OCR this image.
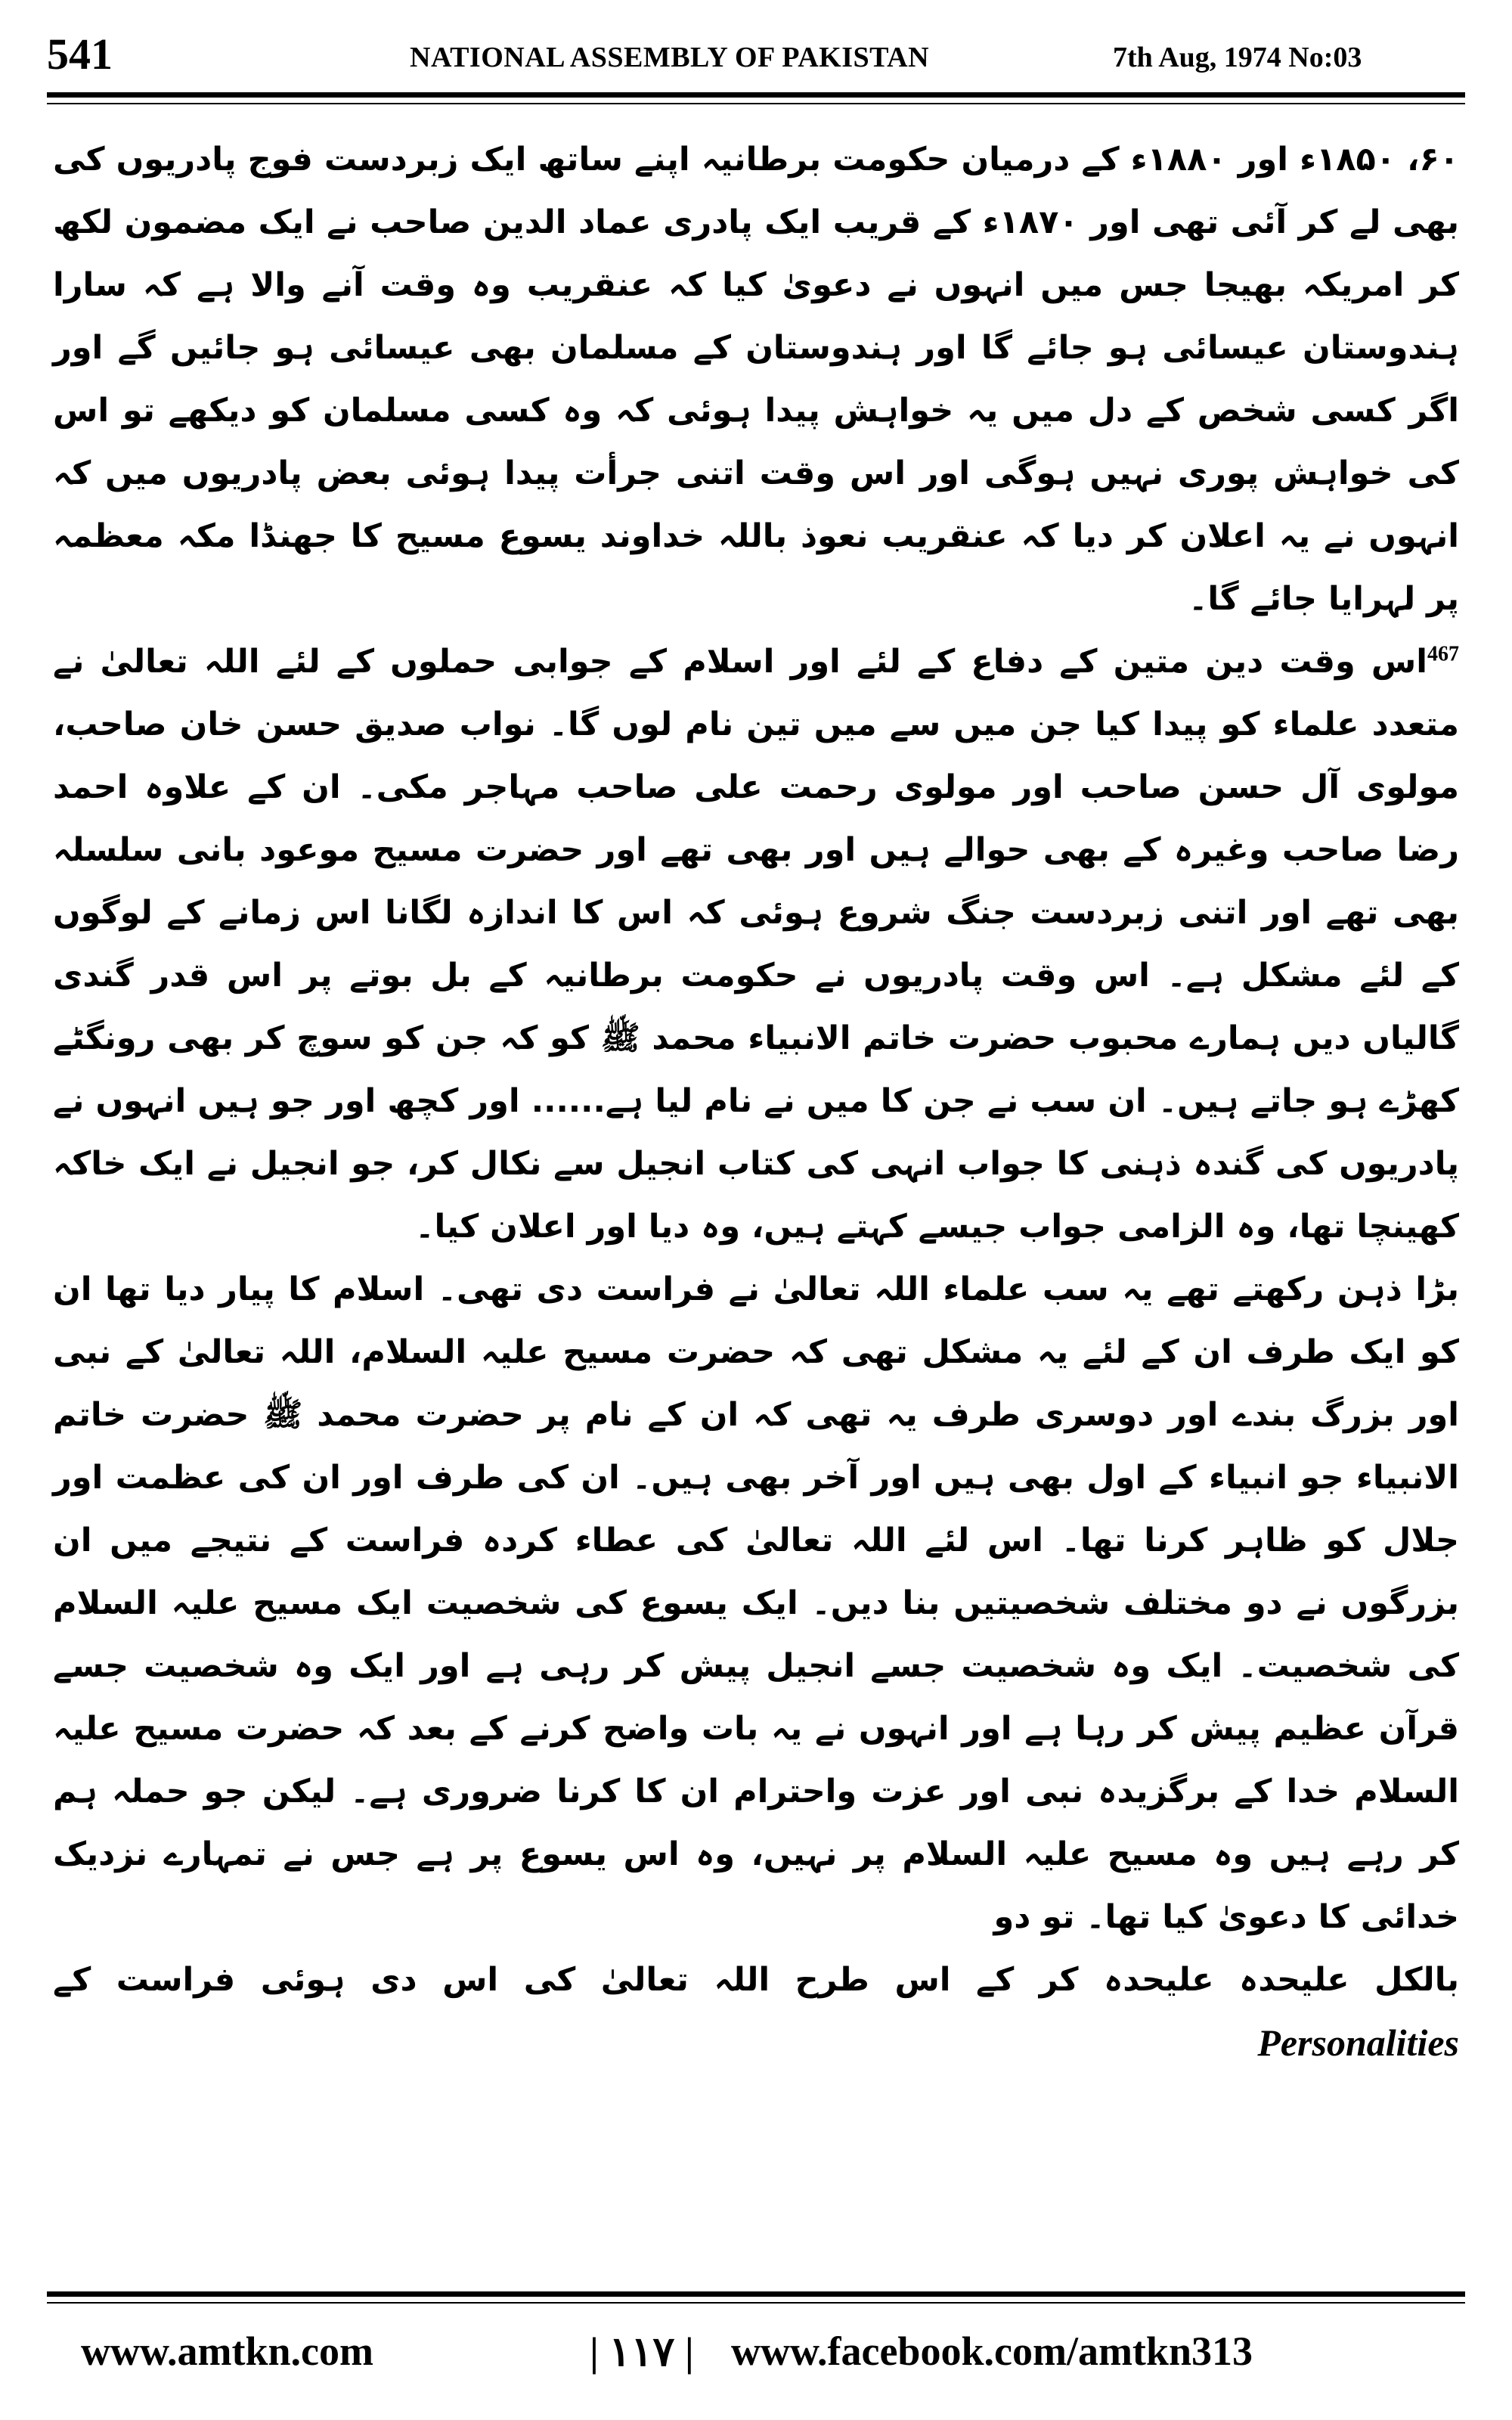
541	NATIONAL ASSEMBLY OF PAKISTAN	7th Aug, 1974 No:03

۶۰، ۱۸۵۰ء اور ۱۸۸۰ء کے درمیان حکومت برطانیہ اپنے ساتھ ایک زبردست فوج پادریوں کی بھی لے کر آئی تھی اور ۱۸۷۰ء کے قریب ایک پادری عماد الدین صاحب نے ایک مضمون لکھ کر امریکہ بھیجا جس میں انہوں نے دعویٰ کیا کہ عنقریب وہ وقت آنے والا ہے کہ سارا ہندوستان عیسائی ہو جائے گا اور ہندوستان کے مسلمان بھی عیسائی ہو جائیں گے اور اگر کسی شخص کے دل میں یہ خواہش پیدا ہوئی کہ وہ کسی مسلمان کو دیکھے تو اس کی خواہش پوری نہیں ہوگی اور اس وقت اتنی جرأت پیدا ہوئی بعض پادریوں میں کہ انہوں نے یہ اعلان کر دیا کہ عنقریب نعوذ باللہ خداوند یسوع مسیح کا جھنڈا مکہ معظمہ پر لہرایا جائے گا۔

$^{467}$اس وقت دین متین کے دفاع کے لئے اور اسلام کے جوابی حملوں کے لئے اللہ تعالیٰ نے متعدد علماء کو پیدا کیا جن میں سے میں تین نام لوں گا۔ نواب صدیق حسن خان صاحب، مولوی آل حسن صاحب اور مولوی رحمت علی صاحب مہاجر مکی۔ ان کے علاوہ احمد رضا صاحب وغیرہ کے بھی حوالے ہیں اور بھی تھے اور حضرت مسیح موعود بانی سلسلہ بھی تھے اور اتنی زبردست جنگ شروع ہوئی کہ اس کا اندازہ لگانا اس زمانے کے لوگوں کے لئے مشکل ہے۔ اس وقت پادریوں نے حکومت برطانیہ کے بل بوتے پر اس قدر گندی گالیاں دیں ہمارے محبوب حضرت خاتم الانبیاء محمد ﷺ کو کہ جن کو سوچ کر بھی رونگٹے کھڑے ہو جاتے ہیں۔ ان سب نے جن کا میں نے نام لیا ہے...... اور کچھ اور جو ہیں انہوں نے پادریوں کی گندہ ذہنی کا جواب انہی کی کتاب انجیل سے نکال کر، جو انجیل نے ایک خاکہ کھینچا تھا، وہ الزامی جواب جیسے کہتے ہیں، وہ دیا اور اعلان کیا۔

بڑا ذہن رکھتے تھے یہ سب علماء اللہ تعالیٰ نے فراست دی تھی۔ اسلام کا پیار دیا تھا ان کو ایک طرف ان کے لئے یہ مشکل تھی کہ حضرت مسیح علیہ السلام، اللہ تعالیٰ کے نبی اور بزرگ بندے اور دوسری طرف یہ تھی کہ ان کے نام پر حضرت محمد ﷺ حضرت خاتم الانبیاء جو انبیاء کے اول بھی ہیں اور آخر بھی ہیں۔ ان کی طرف اور ان کی عظمت اور جلال کو ظاہر کرنا تھا۔ اس لئے اللہ تعالیٰ کی عطاء کردہ فراست کے نتیجے میں ان بزرگوں نے دو مختلف شخصیتیں بنا دیں۔ ایک یسوع کی شخصیت ایک مسیح علیہ السلام کی شخصیت۔ ایک وہ شخصیت جسے انجیل پیش کر رہی ہے اور ایک وہ شخصیت جسے قرآن عظیم پیش کر رہا ہے اور انہوں نے یہ بات واضح کرنے کے بعد کہ حضرت مسیح علیہ السلام خدا کے برگزیدہ نبی اور عزت واحترام ان کا کرنا ضروری ہے۔ لیکن جو حملہ ہم کر رہے ہیں وہ مسیح علیہ السلام پر نہیں، وہ اس یسوع پر ہے جس نے تمہارے نزدیک خدائی کا دعویٰ کیا تھا۔ تو دو

بالکل علیحدہ علیحدہ کر کے اس طرح اللہ تعالیٰ کی اس دی ہوئی فراست کے Personalities

www.amtkn.com	| ١١٧ | www.facebook.com/amtkn313
